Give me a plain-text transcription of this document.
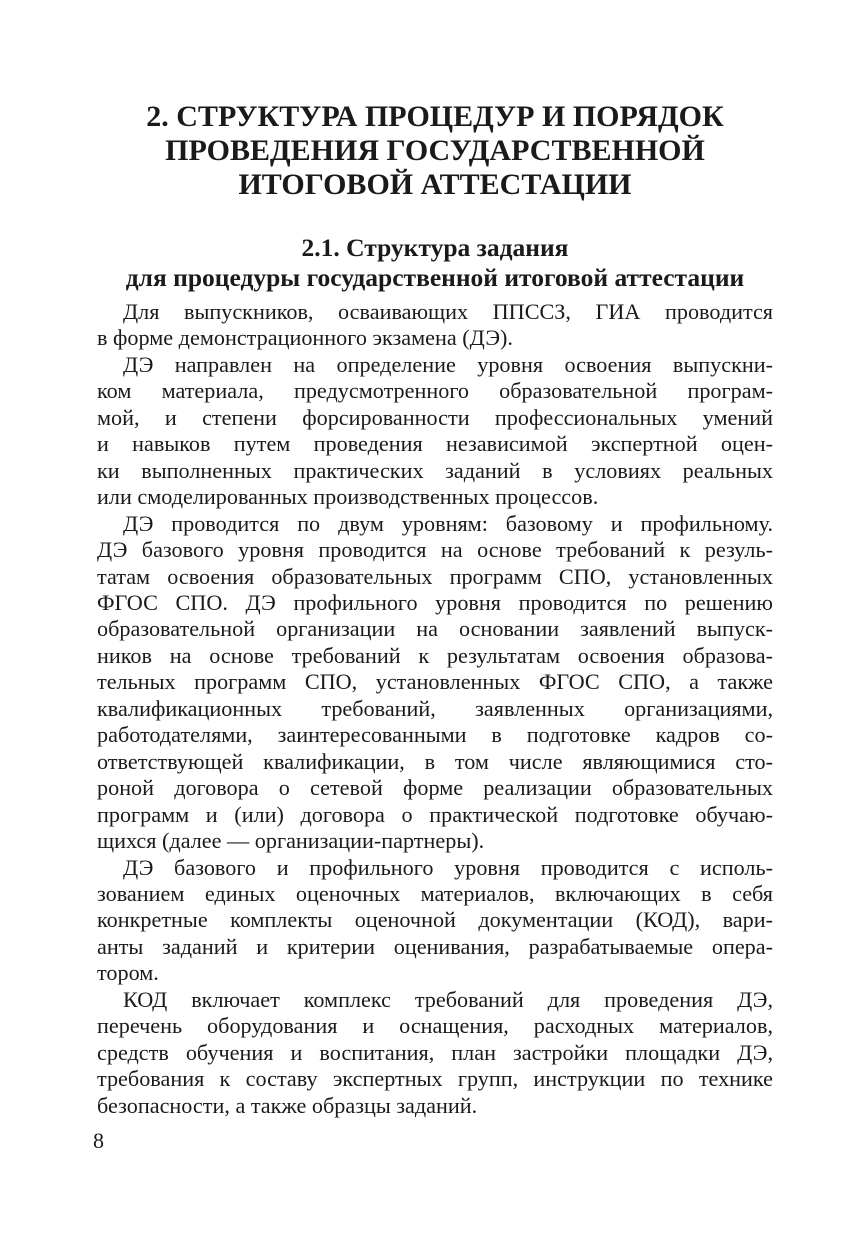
2. СТРУКТУРА ПРОЦЕДУР И ПОРЯДОК
ПРОВЕДЕНИЯ ГОСУДАРСТВЕННОЙ
ИТОГОВОЙ АТТЕСТАЦИИ
2.1. Структура задания
для процедуры государственной итоговой аттестации

Для выпускников, осваивающих ППССЗ, ГИА проводится
в форме демонстрационного экзамена (ДЭ).

ДЭ направлен на определение уровня освоения выпускни-
ком материала, предусмотренного образовательной програм-
мой, и степени форсированности профессиональных умений
и навыков путем проведения независимой экспертной оцен-
ки выполненных практических заданий в условиях реальных
или смоделированных производственных процессов.

ДЭ проводится по двум уровням: базовому и профильному.
ДЭ базового уровня проводится на основе требований к резуль-
татам освоения образовательных программ СПО, установленных
ФГОС СПО. ДЭ профильного уровня проводится по решению
образовательной организации на основании заявлений выпуск-
ников на основе требований к результатам освоения образова-
тельных программ СПО, установленных ФГОС СПО, а также
квалификационных требований, заявленных организациями,
работодателями, заинтересованными в подготовке кадров со-
ответствующей квалификации, в том числе являющимися сто-
роной договора о сетевой форме реализации образовательных
программ и (или) договора о практической подготовке обучаю-
щихся (далее — организации-партнеры).

ДЭ базового и профильного уровня проводится с исполь-
зованием единых оценочных материалов, включающих в себя
конкретные комплекты оценочной документации (КОД), вари-
анты заданий и критерии оценивания, разрабатываемые опера-
тором.

КОД включает комплекс требований для проведения ДЭ,
перечень оборудования и оснащения, расходных материалов,
средств обучения и воспитания, план застройки площадки ДЭ,
требования к составу экспертных групп, инструкции по технике
безопасности, а также образцы заданий.

8
